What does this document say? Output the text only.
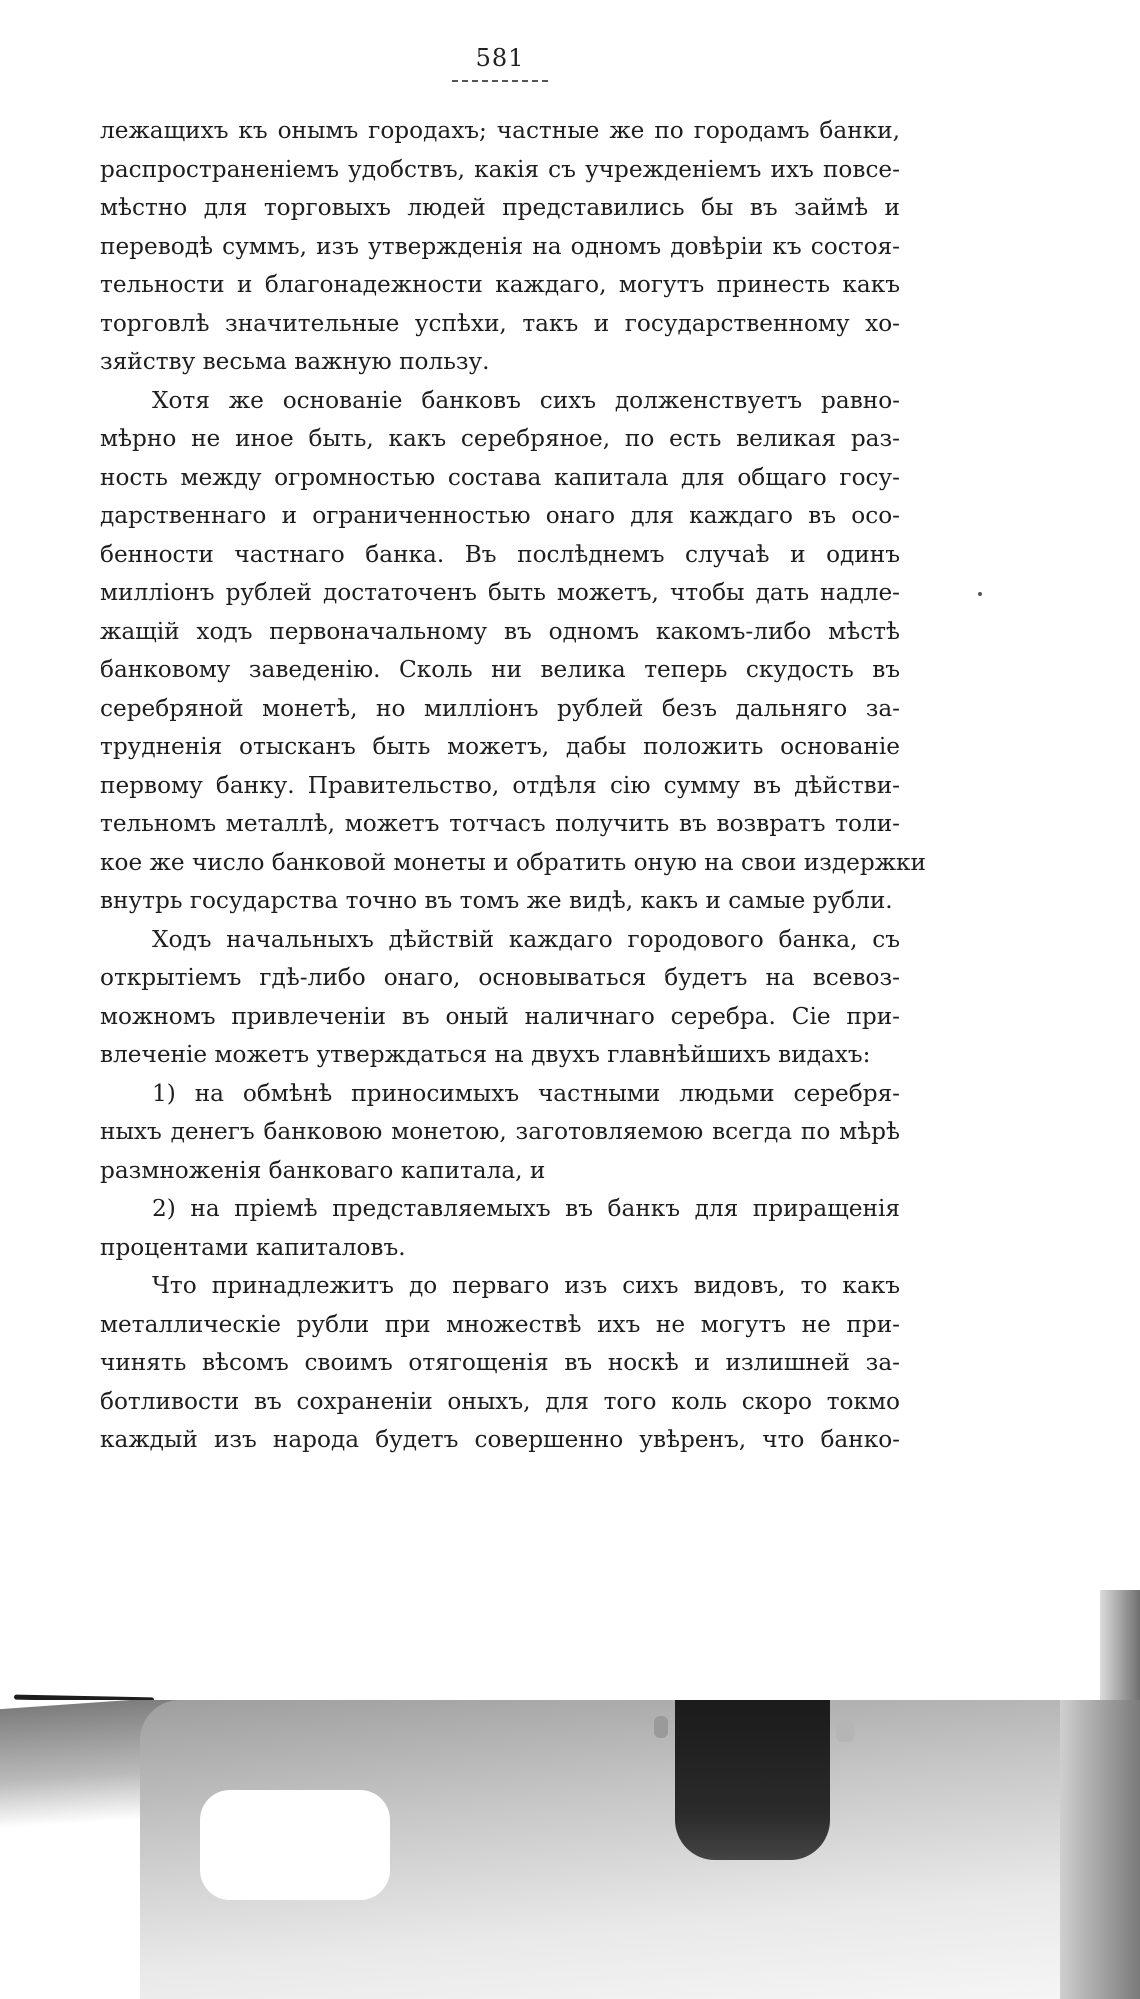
581
лежащихъ къ онымъ городахъ; частные же по городамъ банки,
распространеніемъ удобствъ, какія съ учрежденіемъ ихъ повсе-
мѣстно для торговыхъ людей представились бы въ займѣ и
переводѣ суммъ, изъ утвержденія на одномъ довѣріи къ состоя-
тельности и благонадежности каждаго, могутъ принесть какъ
торговлѣ значительные успѣхи, такъ и государственному хо-
зяйству весьма важную пользу.
Хотя же основаніе банковъ сихъ долженствуетъ равно-
мѣрно не иное быть, какъ серебряное, по есть великая раз-
ность между огромностью состава капитала для общаго госу-
дарственнаго и ограниченностью онаго для каждаго въ осо-
бенности частнаго банка. Въ послѣднемъ случаѣ и одинъ
милліонъ рублей достаточенъ быть можетъ, чтобы дать надле-
жащій ходъ первоначальному въ одномъ какомъ-либо мѣстѣ
банковому заведенію. Сколь ни велика теперь скудость въ
серебряной монетѣ, но милліонъ рублей безъ дальняго за-
трудненія отысканъ быть можетъ, дабы положить основаніе
первому банку. Правительство, отдѣля сію сумму въ дѣйстви-
тельномъ металлѣ, можетъ тотчасъ получить въ возвратъ толи-
кое же число банковой монеты и обратить оную на свои издержки
внутрь государства точно въ томъ же видѣ, какъ и самые рубли.
Ходъ начальныхъ дѣйствій каждаго городового банка, съ
открытіемъ гдѣ-либо онаго, основываться будетъ на всевоз-
можномъ привлеченіи въ оный наличнаго серебра. Сіе при-
влеченіе можетъ утверждаться на двухъ главнѣйшихъ видахъ:
1) на обмѣнѣ приносимыхъ частными людьми серебря-
ныхъ денегъ банковою монетою, заготовляемою всегда по мѣрѣ
размноженія банковаго капитала, и
2) на пріемѣ представляемыхъ въ банкъ для приращенія
процентами капиталовъ.
Что принадлежитъ до перваго изъ сихъ видовъ, то какъ
металлическіе рубли при множествѣ ихъ не могутъ не при-
чинять вѣсомъ своимъ отягощенія въ носкѣ и излишней за-
ботливости въ сохраненіи оныхъ, для того коль скоро токмо
каждый изъ народа будетъ совершенно увѣренъ, что банко-
